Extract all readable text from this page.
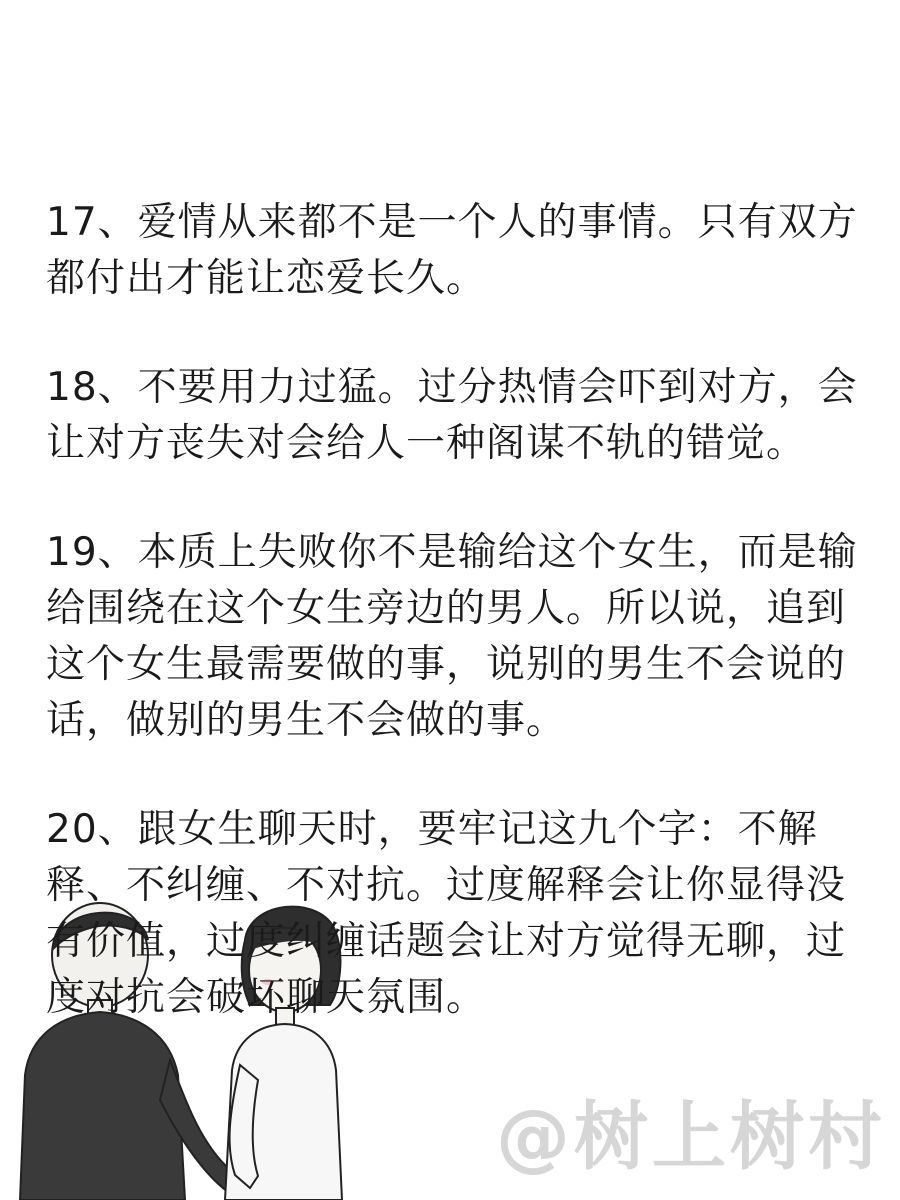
17、爱情从来都不是一个人的事情。只有双方都付出才能让恋爱长久。

18、不要用力过猛。过分热情会吓到对方，会让对方丧失对会给人一种阁谋不轨的错觉。

19、本质上失败你不是输给这个女生，而是输给围绕在这个女生旁边的男人。所以说，追到这个女生最需要做的事，说别的男生不会说的话，做别的男生不会做的事。

20、跟女生聊天时，要牢记这九个字：不解释、不纠缠、不对抗。过度解释会让你显得没有价值，过度纠缠话题会让对方觉得无聊，过度对抗会破坏聊天氛围。

@树上树村
